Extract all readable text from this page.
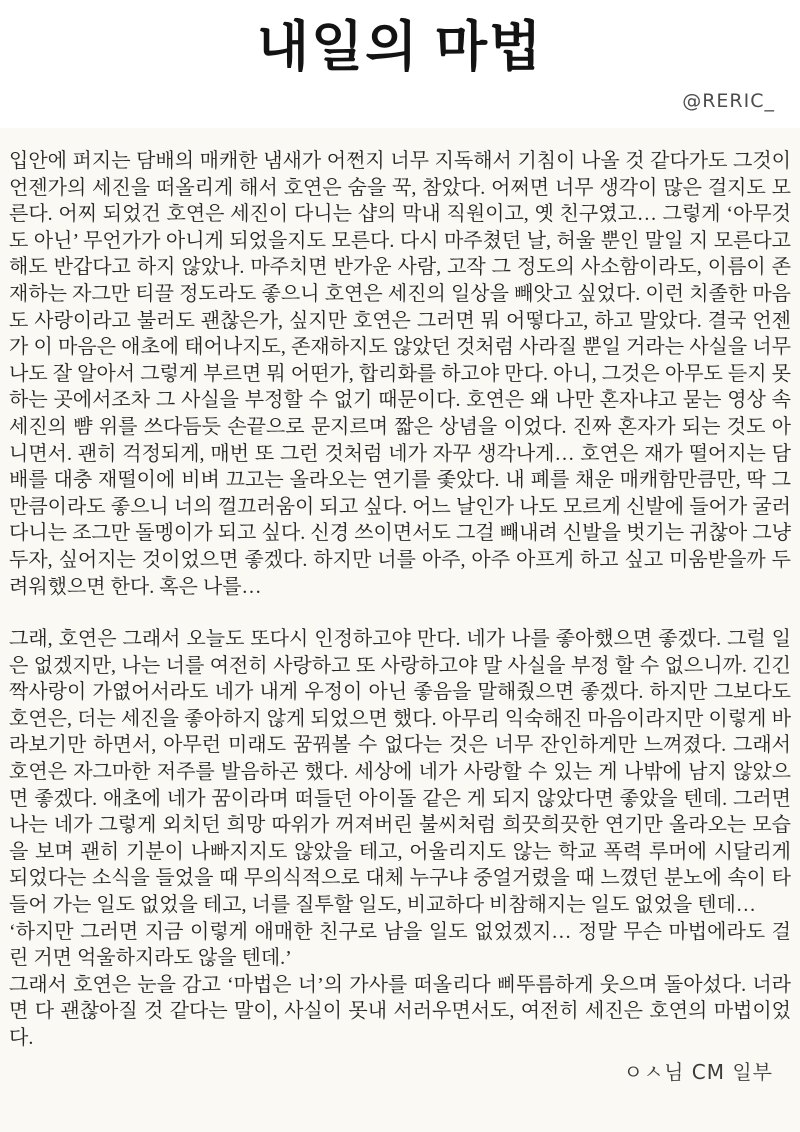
내일의 마법
@RERIC_

입안에 퍼지는 담배의 매캐한 냄새가 어쩐지 너무 지독해서 기침이 나올 것 같다가도 그것이 언젠가의 세진을 떠올리게 해서 호연은 숨을 꾹, 참았다. 어쩌면 너무 생각이 많은 걸지도 모른다. 어찌 되었건 호연은 세진이 다니는 샵의 막내 직원이고, 옛 친구였고… 그렇게 ‘아무것도 아닌’ 무언가가 아니게 되었을지도 모른다. 다시 마주쳤던 날, 허울 뿐인 말일 지 모른다고 해도 반갑다고 하지 않았나. 마주치면 반가운 사람, 고작 그 정도의 사소함이라도, 이름이 존재하는 자그만 티끌 정도라도 좋으니 호연은 세진의 일상을 빼앗고 싶었다. 이런 치졸한 마음도 사랑이라고 불러도 괜찮은가, 싶지만 호연은 그러면 뭐 어떻다고, 하고 말았다. 결국 언젠가 이 마음은 애초에 태어나지도, 존재하지도 않았던 것처럼 사라질 뿐일 거라는 사실을 너무나도 잘 알아서 그렇게 부르면 뭐 어떤가, 합리화를 하고야 만다. 아니, 그것은 아무도 듣지 못하는 곳에서조차 그 사실을 부정할 수 없기 때문이다. 호연은 왜 나만 혼자냐고 묻는 영상 속 세진의 뺨 위를 쓰다듬듯 손끝으로 문지르며 짧은 상념을 이었다. 진짜 혼자가 되는 것도 아니면서. 괜히 걱정되게, 매번 또 그런 것처럼 네가 자꾸 생각나게… 호연은 재가 떨어지는 담배를 대충 재떨이에 비벼 끄고는 올라오는 연기를 좇았다. 내 폐를 채운 매캐함만큼만, 딱 그만큼이라도 좋으니 너의 껄끄러움이 되고 싶다. 어느 날인가 나도 모르게 신발에 들어가 굴러다니는 조그만 돌멩이가 되고 싶다. 신경 쓰이면서도 그걸 빼내려 신발을 벗기는 귀찮아 그냥 두자, 싶어지는 것이었으면 좋겠다. 하지만 너를 아주, 아주 아프게 하고 싶고 미움받을까 두려워했으면 한다. 혹은 나를…

그래, 호연은 그래서 오늘도 또다시 인정하고야 만다. 네가 나를 좋아했으면 좋겠다. 그럴 일은 없겠지만, 나는 너를 여전히 사랑하고 또 사랑하고야 말 사실을 부정 할 수 없으니까. 긴긴 짝사랑이 가엾어서라도 네가 내게 우정이 아닌 좋음을 말해줬으면 좋겠다. 하지만 그보다도 호연은, 더는 세진을 좋아하지 않게 되었으면 했다. 아무리 익숙해진 마음이라지만 이렇게 바라보기만 하면서, 아무런 미래도 꿈꿔볼 수 없다는 것은 너무 잔인하게만 느껴졌다. 그래서 호연은 자그마한 저주를 발음하곤 했다. 세상에 네가 사랑할 수 있는 게 나밖에 남지 않았으면 좋겠다. 애초에 네가 꿈이라며 떠들던 아이돌 같은 게 되지 않았다면 좋았을 텐데. 그러면 나는 네가 그렇게 외치던 희망 따위가 꺼져버린 불씨처럼 희끗희끗한 연기만 올라오는 모습을 보며 괜히 기분이 나빠지지도 않았을 테고, 어울리지도 않는 학교 폭력 루머에 시달리게 되었다는 소식을 들었을 때 무의식적으로 대체 누구냐 중얼거렸을 때 느꼈던 분노에 속이 타들어 가는 일도 없었을 테고, 너를 질투할 일도, 비교하다 비참해지는 일도 없었을 텐데…

‘하지만 그러면 지금 이렇게 애매한 친구로 남을 일도 없었겠지… 정말 무슨 마법에라도 걸린 거면 억울하지라도 않을 텐데.’

그래서 호연은 눈을 감고 ‘마법은 너’의 가사를 떠올리다 삐뚜름하게 웃으며 돌아섰다. 너라면 다 괜찮아질 것 같다는 말이, 사실이 못내 서러우면서도, 여전히 세진은 호연의 마법이었다.

ㅇㅅ님 CM 일부
